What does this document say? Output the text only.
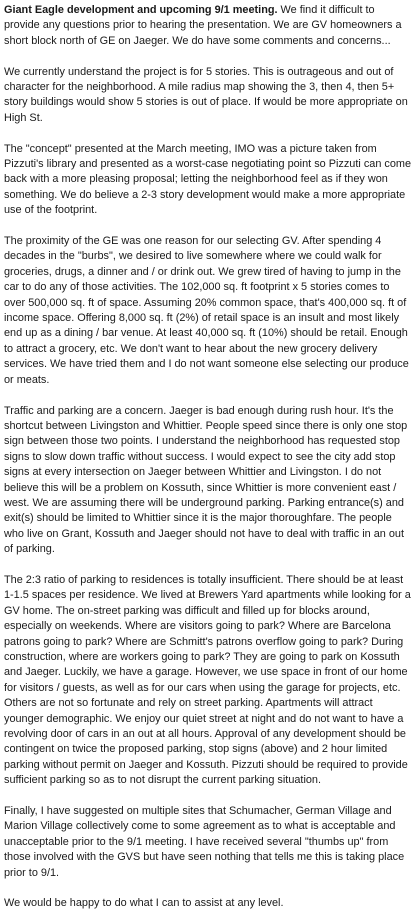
Giant Eagle development and upcoming 9/1 meeting. We find it difficult to provide any questions prior to hearing the presentation. We are GV homeowners a short block north of GE on Jaeger. We do have some comments and concerns...

We currently understand the project is for 5 stories. This is outrageous and out of character for the neighborhood. A mile radius map showing the 3, then 4, then 5+ story buildings would show 5 stories is out of place. If would be more appropriate on High St.

The "concept" presented at the March meeting, IMO was a picture taken from Pizzuti's library and presented as a worst-case negotiating point so Pizzuti can come back with a more pleasing proposal; letting the neighborhood feel as if they won something. We do believe a 2-3 story development would make a more appropriate use of the footprint.

The proximity of the GE was one reason for our selecting GV. After spending 4 decades in the "burbs", we desired to live somewhere where we could walk for groceries, drugs, a dinner and / or drink out. We grew tired of having to jump in the car to do any of those activities. The 102,000 sq. ft footprint x 5 stories comes to over 500,000 sq. ft of space. Assuming 20% common space, that's 400,000 sq. ft of income space. Offering 8,000 sq. ft (2%) of retail space is an insult and most likely end up as a dining / bar venue. At least 40,000 sq. ft (10%) should be retail. Enough to attract a grocery, etc. We don't want to hear about the new grocery delivery services. We have tried them and I do not want someone else selecting our produce or meats.

Traffic and parking are a concern. Jaeger is bad enough during rush hour. It's the shortcut between Livingston and Whittier. People speed since there is only one stop sign between those two points. I understand the neighborhood has requested stop signs to slow down traffic without success. I would expect to see the city add stop signs at every intersection on Jaeger between Whittier and Livingston. I do not believe this will be a problem on Kossuth, since Whittier is more convenient east / west. We are assuming there will be underground parking. Parking entrance(s) and exit(s) should be limited to Whittier since it is the major thoroughfare. The people who live on Grant, Kossuth and Jaeger should not have to deal with traffic in an out of parking.

The 2:3 ratio of parking to residences is totally insufficient. There should be at least 1-1.5 spaces per residence. We lived at Brewers Yard apartments while looking for a GV home. The on-street parking was difficult and filled up for blocks around, especially on weekends. Where are visitors going to park? Where are Barcelona patrons going to park? Where are Schmitt's patrons overflow going to park? During construction, where are workers going to park? They are going to park on Kossuth and Jaeger. Luckily, we have a garage. However, we use space in front of our home for visitors / guests, as well as for our cars when using the garage for projects, etc. Others are not so fortunate and rely on street parking. Apartments will attract younger demographic. We enjoy our quiet street at night and do not want to have a revolving door of cars in an out at all hours. Approval of any development should be contingent on twice the proposed parking, stop signs (above) and 2 hour limited parking without permit on Jaeger and Kossuth. Pizzuti should be required to provide sufficient parking so as to not disrupt the current parking situation.

Finally, I have suggested on multiple sites that Schumacher, German Village and Marion Village collectively come to some agreement as to what is acceptable and unacceptable prior to the 9/1 meeting. I have received several "thumbs up" from those involved with the GVS but have seen nothing that tells me this is taking place prior to 9/1.

We would be happy to do what I can to assist at any level.
